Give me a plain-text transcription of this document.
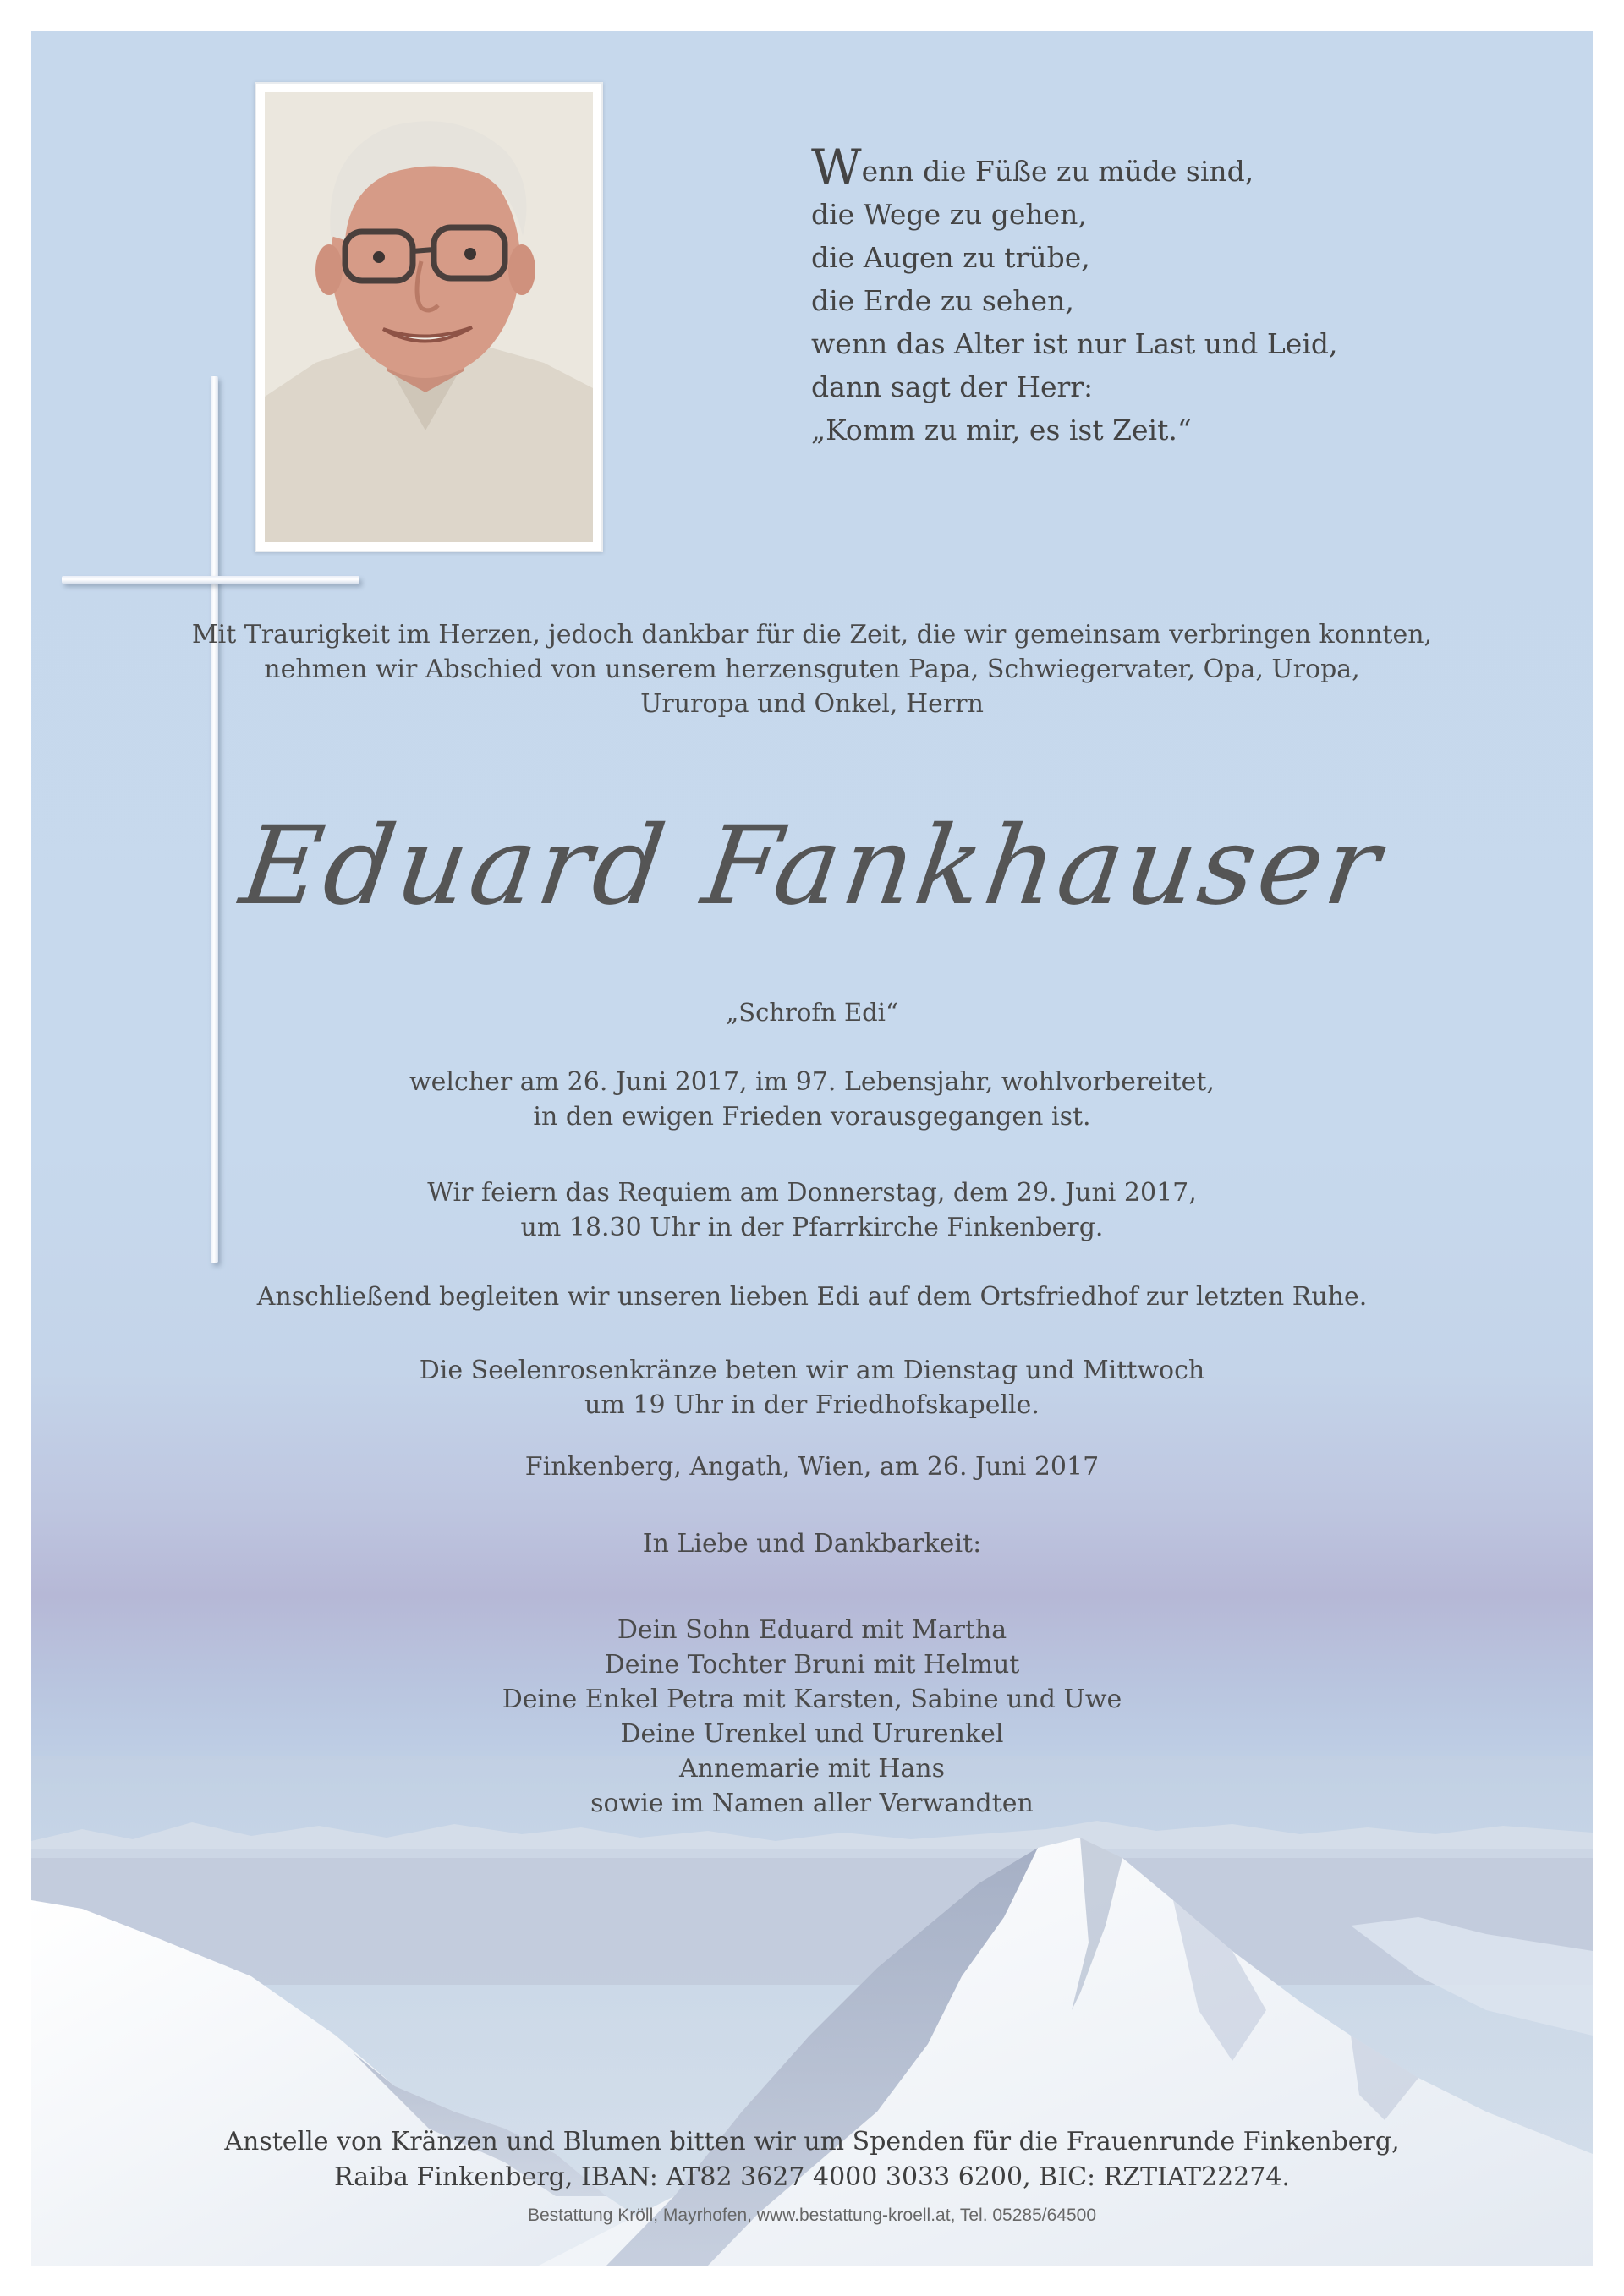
Wenn die Füße zu müde sind,
die Wege zu gehen,
die Augen zu trübe,
die Erde zu sehen,
wenn das Alter ist nur Last und Leid,
dann sagt der Herr:
„Komm zu mir, es ist Zeit.“
Mit Traurigkeit im Herzen, jedoch dankbar für die Zeit, die wir gemeinsam verbringen konnten,
nehmen wir Abschied von unserem herzensguten Papa, Schwiegervater, Opa, Uropa,
Ururopa und Onkel, Herrn
Eduard Fankhauser
„Schrofn Edi“
welcher am 26. Juni 2017, im 97. Lebensjahr, wohlvorbereitet,
in den ewigen Frieden vorausgegangen ist.
Wir feiern das Requiem am Donnerstag, dem 29. Juni 2017,
um 18.30 Uhr in der Pfarrkirche Finkenberg.
Anschließend begleiten wir unseren lieben Edi auf dem Ortsfriedhof zur letzten Ruhe.
Die Seelenrosenkränze beten wir am Dienstag und Mittwoch
um 19 Uhr in der Friedhofskapelle.
Finkenberg, Angath, Wien, am 26. Juni 2017
In Liebe und Dankbarkeit:
Dein Sohn Eduard mit Martha
Deine Tochter Bruni mit Helmut
Deine Enkel Petra mit Karsten, Sabine und Uwe
Deine Urenkel und Ururenkel
Annemarie mit Hans
sowie im Namen aller Verwandten
Anstelle von Kränzen und Blumen bitten wir um Spenden für die Frauenrunde Finkenberg,
Raiba Finkenberg, IBAN: AT82 3627 4000 3033 6200, BIC: RZTIAT22274.
Bestattung Kröll, Mayrhofen, www.bestattung-kroell.at, Tel. 05285/64500
